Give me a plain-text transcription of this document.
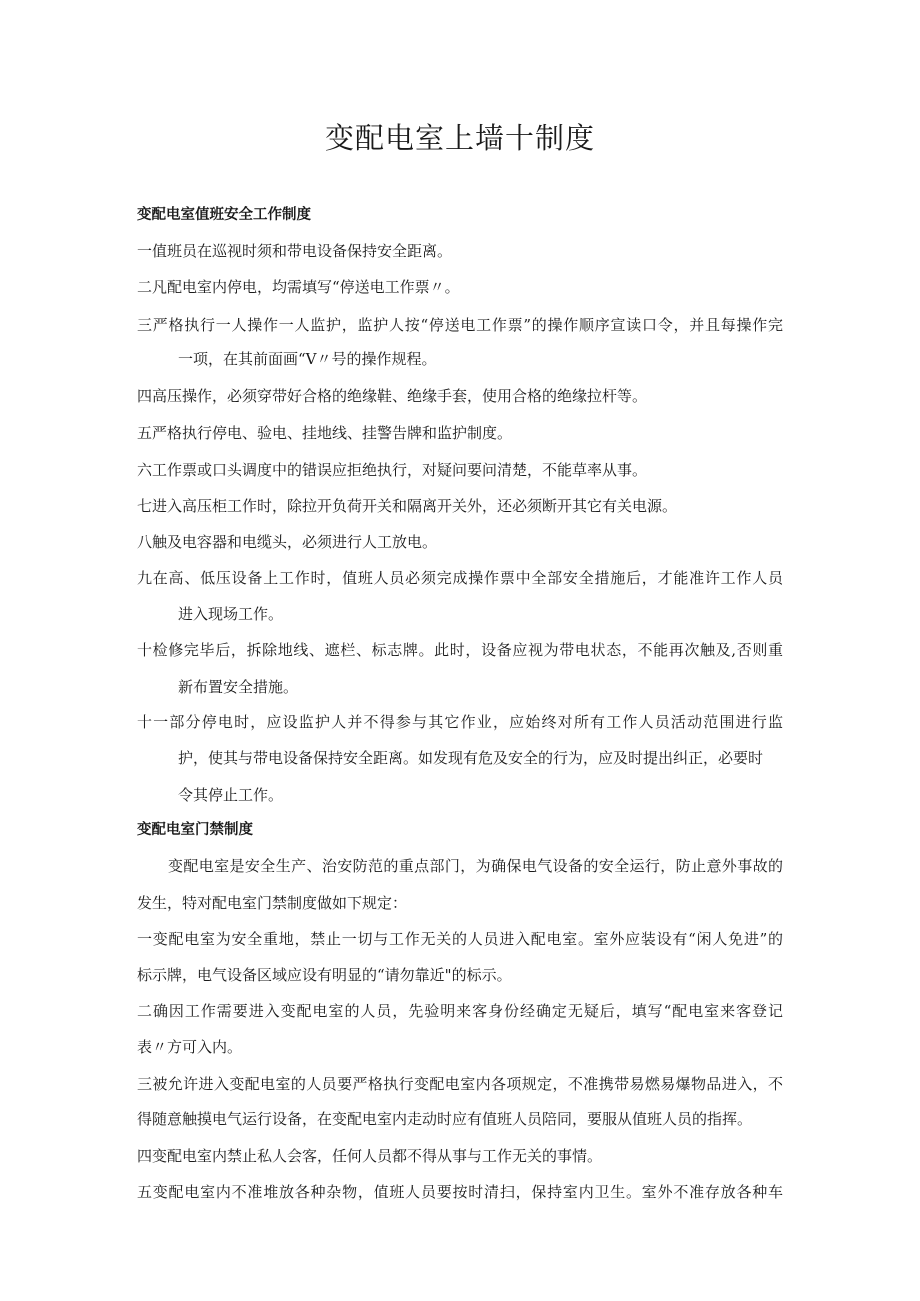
变配电室上墙十制度
变配电室值班安全工作制度
一值班员在巡视时须和带电设备保持安全距离。
二凡配电室内停电，均需填写“停送电工作票〃。
三严格执行一人操作一人监护，监护人按“停送电工作票”的操作顺序宣读口令，并且每操作完
一项，在其前面画“V〃号的操作规程。
四高压操作，必须穿带好合格的绝缘鞋、绝缘手套，使用合格的绝缘拉杆等。
五严格执行停电、验电、挂地线、挂警告牌和监护制度。
六工作票或口头调度中的错误应拒绝执行，对疑问要问清楚，不能草率从事。
七进入高压柜工作时，除拉开负荷开关和隔离开关外，还必须断开其它有关电源。
八触及电容器和电缆头，必须进行人工放电。
九在高、低压设备上工作时，值班人员必须完成操作票中全部安全措施后，才能准许工作人员
进入现场工作。
十检修完毕后，拆除地线、遮栏、标志牌。此时，设备应视为带电状态，不能再次触及,否则重
新布置安全措施。
十一部分停电时，应设监护人并不得参与其它作业，应始终对所有工作人员活动范围进行监
护，使其与带电设备保持安全距离。如发现有危及安全的行为，应及时提出纠正，必要时
令其停止工作。
变配电室门禁制度
变配电室是安全生产、治安防范的重点部门，为确保电气设备的安全运行，防止意外事故的
发生，特对配电室门禁制度做如下规定：
一变配电室为安全重地，禁止一切与工作无关的人员进入配电室。室外应装设有“闲人免进”的
标示牌，电气设备区域应设有明显的“请勿靠近"的标示。
二确因工作需要进入变配电室的人员，先验明来客身份经确定无疑后，填写“配电室来客登记
表〃方可入内。
三被允许进入变配电室的人员要严格执行变配电室内各项规定，不准携带易燃易爆物品进入，不
得随意触摸电气运行设备，在变配电室内走动时应有值班人员陪同，要服从值班人员的指挥。
四变配电室内禁止私人会客，任何人员都不得从事与工作无关的事情。
五变配电室内不准堆放各种杂物，值班人员要按时清扫，保持室内卫生。室外不准存放各种车
